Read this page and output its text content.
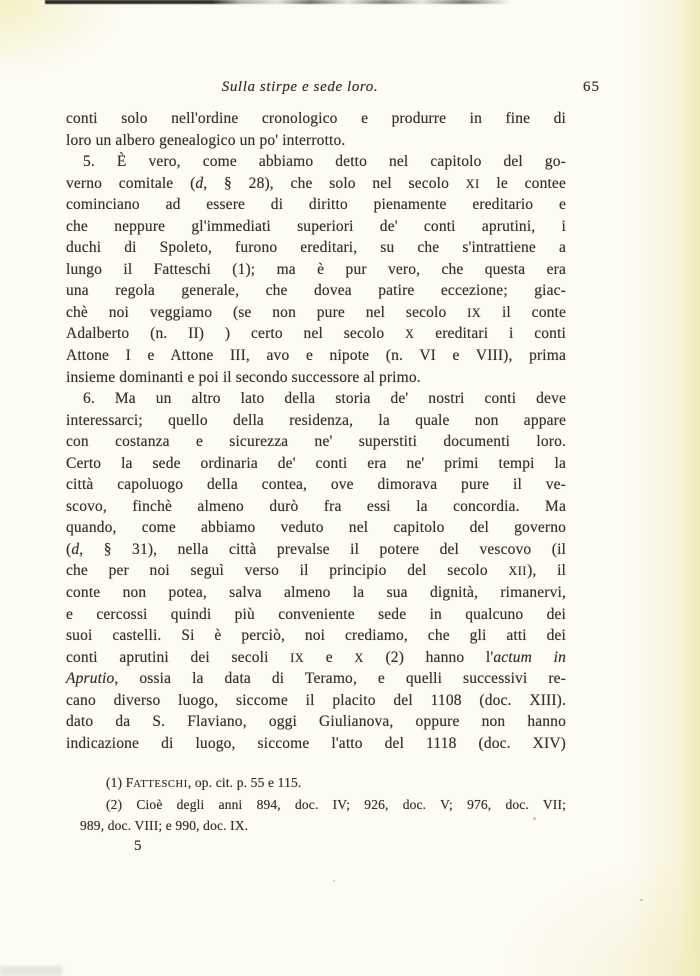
Sulla stirpe e sede loro.	65
conti solo nell'ordine cronologico e produrre in fine di
loro un albero genealogico un po' interrotto.
5. È vero, come abbiamo detto nel capitolo del go-
verno comitale (d, § 28), che solo nel secolo XI le contee
cominciano ad essere di diritto pienamente ereditario e
che neppure gl'immediati superiori de' conti aprutini, i
duchi di Spoleto, furono ereditari, su che s'intrattiene a
lungo il Fatteschi (1); ma è pur vero, che questa era
una regola generale, che dovea patire eccezione; giac-
chè noi veggiamo (se non pure nel secolo IX il conte
Adalberto (n. II) ) certo nel secolo X ereditari i conti
Attone I e Attone III, avo e nipote (n. VI e VIII), prima
insieme dominanti e poi il secondo successore al primo.
6. Ma un altro lato della storia de' nostri conti deve
interessarci; quello della residenza, la quale non appare
con costanza e sicurezza ne' superstiti documenti loro.
Certo la sede ordinaria de' conti era ne' primi tempi la
città capoluogo della contea, ove dimorava pure il ve-
scovo, finchè almeno durò fra essi la concordia. Ma
quando, come abbiamo veduto nel capitolo del governo
(d, § 31), nella città prevalse il potere del vescovo (il
che per noi seguì verso il principio del secolo XII), il
conte non potea, salva almeno la sua dignità, rimanervi,
e cercossi quindi più conveniente sede in qualcuno dei
suoi castelli. Si è perciò, noi crediamo, che gli atti dei
conti aprutini dei secoli IX e X (2) hanno l'actum in
Aprutio, ossia la data di Teramo, e quelli successivi re-
cano diverso luogo, siccome il placito del 1108 (doc. XIII).
dato da S. Flaviano, oggi Giulianova, oppure non hanno
indicazione di luogo, siccome l'atto del 1118 (doc. XIV)
(1) FATTESCHI, op. cit. p. 55 e 115.
(2) Cioè degli anni 894, doc. IV; 926, doc. V; 976, doc. VII;
989, doc. VIII; e 990, doc. IX.
5
